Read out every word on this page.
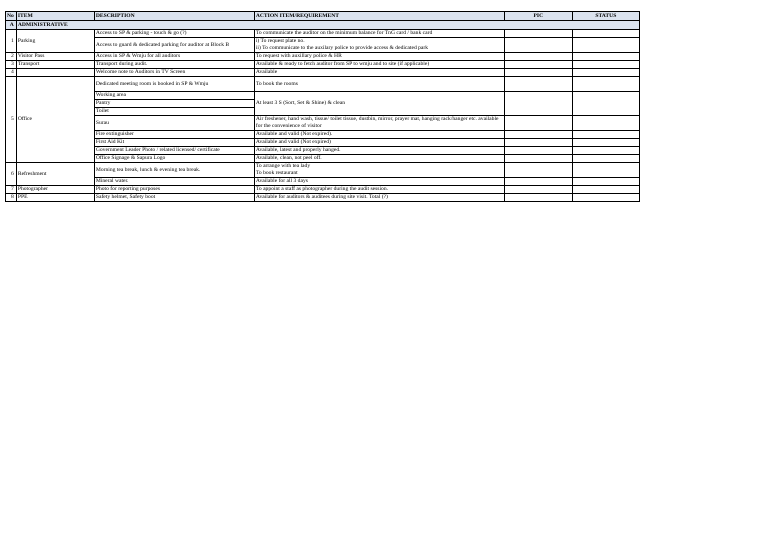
No	ITEM	DESCRIPTION	ACTION ITEM/REQUIREMENT	PIC	STATUS
A	ADMINISTRATIVE				
1	Parking	Access to SP & parking - touch & go (?)	To communicate the auditor on the minimum balance for TnG card / bank card		
		Access to guard & dedicated parking for auditor at Block B	i) To request plate no.
ii) To communicate to the auxilary police to provide access & dedicated park		
2	Visitor Pass	Access in SP & Wmju for all auditors	To request with auxillary police & HR		
3	Transport	Transport during audit.	Available & ready to fetch auditor from SP to wmju and to site (if applicable)		
4		Welcome note to Auditors in TV Screen	Available		
5	Office	Dedicated meeting room is booked in SP & Wmju	To book the rooms		
		Working area	At least 3 S (Sort, Set & Shine) & clean		
		Pantry			
		Toilet			
		Surau	Air freshener, hand wash, tissue/ toilet tissue, dustbin, mirror, prayer mat, hanging rack/hanger etc. available for the convenience of visitor		
		Fire extinguisher	Available and valid (Not expired).		
		First Aid Kit	Available and valid (Not expired)		
		Government Leader Photo / related licensed/ certificate	Available, latest and properly hanged.		
		Office Signage & Sapura Logo	Available, clean, not peel off.		
6	Refreshment	Morning tea break, lunch & evening tea break.	To arrange with tea lady
To book restaurant		
		Mineral water.	Available for all 3 days		
7	Photographer	Photo for reporting purposes	To appoint a staff as photographer during the audit session.		
8	PPE	Safety helmet, Safety boot	Available for auditors & auditees during site visit. Total (?)		
